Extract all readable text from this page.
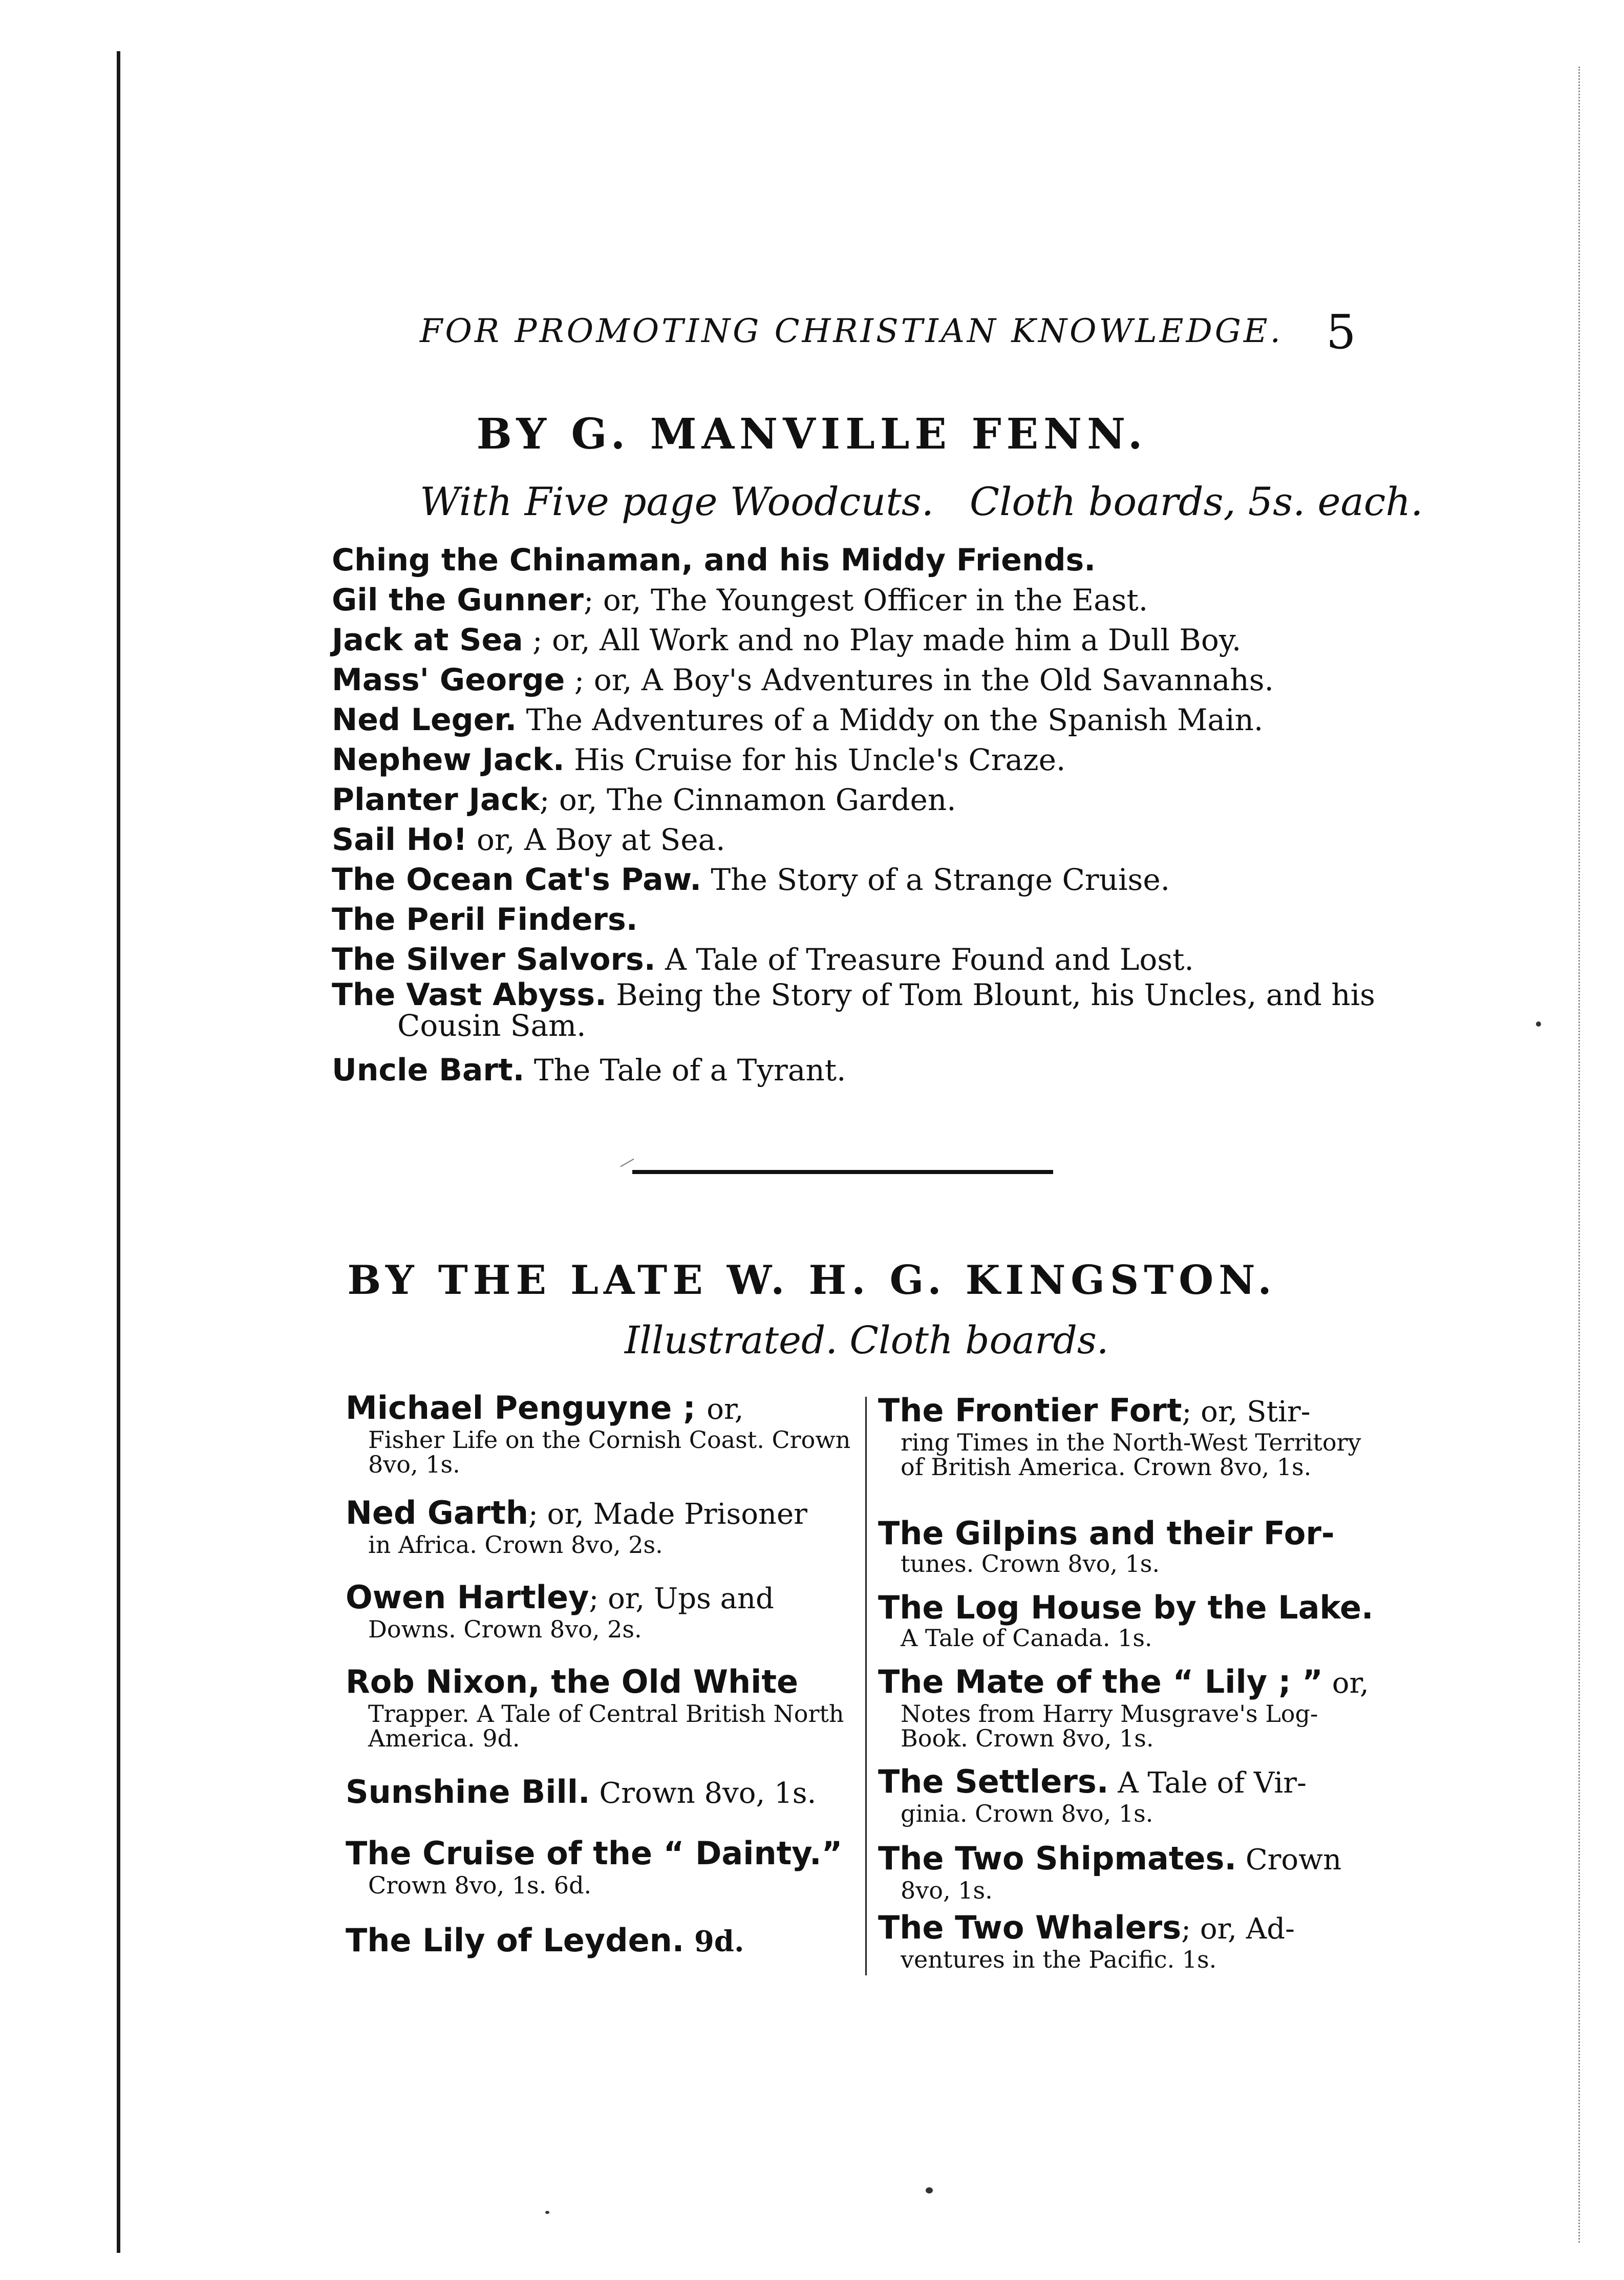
FOR PROMOTING CHRISTIAN KNOWLEDGE. 5
BY G. MANVILLE FENN.
With Five page Woodcuts. Cloth boards, 5s. each.
Ching the Chinaman, and his Middy Friends.
Gil the Gunner; or, The Youngest Officer in the East.
Jack at Sea ; or, All Work and no Play made him a Dull Boy.
Mass' George ; or, A Boy's Adventures in the Old Savannahs.
Ned Leger. The Adventures of a Middy on the Spanish Main.
Nephew Jack. His Cruise for his Uncle's Craze.
Planter Jack; or, The Cinnamon Garden.
Sail Ho! or, A Boy at Sea.
The Ocean Cat's Paw. The Story of a Strange Cruise.
The Peril Finders.
The Silver Salvors. A Tale of Treasure Found and Lost.
The Vast Abyss. Being the Story of Tom Blount, his Uncles, and his Cousin Sam.
Uncle Bart. The Tale of a Tyrant.
BY THE LATE W. H. G. KINGSTON.
Illustrated. Cloth boards.
Michael Penguyne ; or,
Fisher Life on the Cornish Coast. Crown 8vo, 1s.
Ned Garth; or, Made Prisoner
in Africa. Crown 8vo, 2s.
Owen Hartley; or, Ups and
Downs. Crown 8vo, 2s.
Rob Nixon, the Old White
Trapper. A Tale of Central British North America. 9d.
Sunshine Bill. Crown 8vo, 1s.
The Cruise of the “ Dainty.”
Crown 8vo, 1s. 6d.
The Lily of Leyden. 9d.
The Frontier Fort; or, Stir-
ring Times in the North-West Territory of British America. Crown 8vo, 1s.
The Gilpins and their For-
tunes. Crown 8vo, 1s.
The Log House by the Lake.
A Tale of Canada. 1s.
The Mate of the “ Lily ; ” or,
Notes from Harry Musgrave's Log-Book. Crown 8vo, 1s.
The Settlers. A Tale of Vir-
ginia. Crown 8vo, 1s.
The Two Shipmates. Crown
8vo, 1s.
The Two Whalers; or, Ad-
ventures in the Pacific. 1s.
